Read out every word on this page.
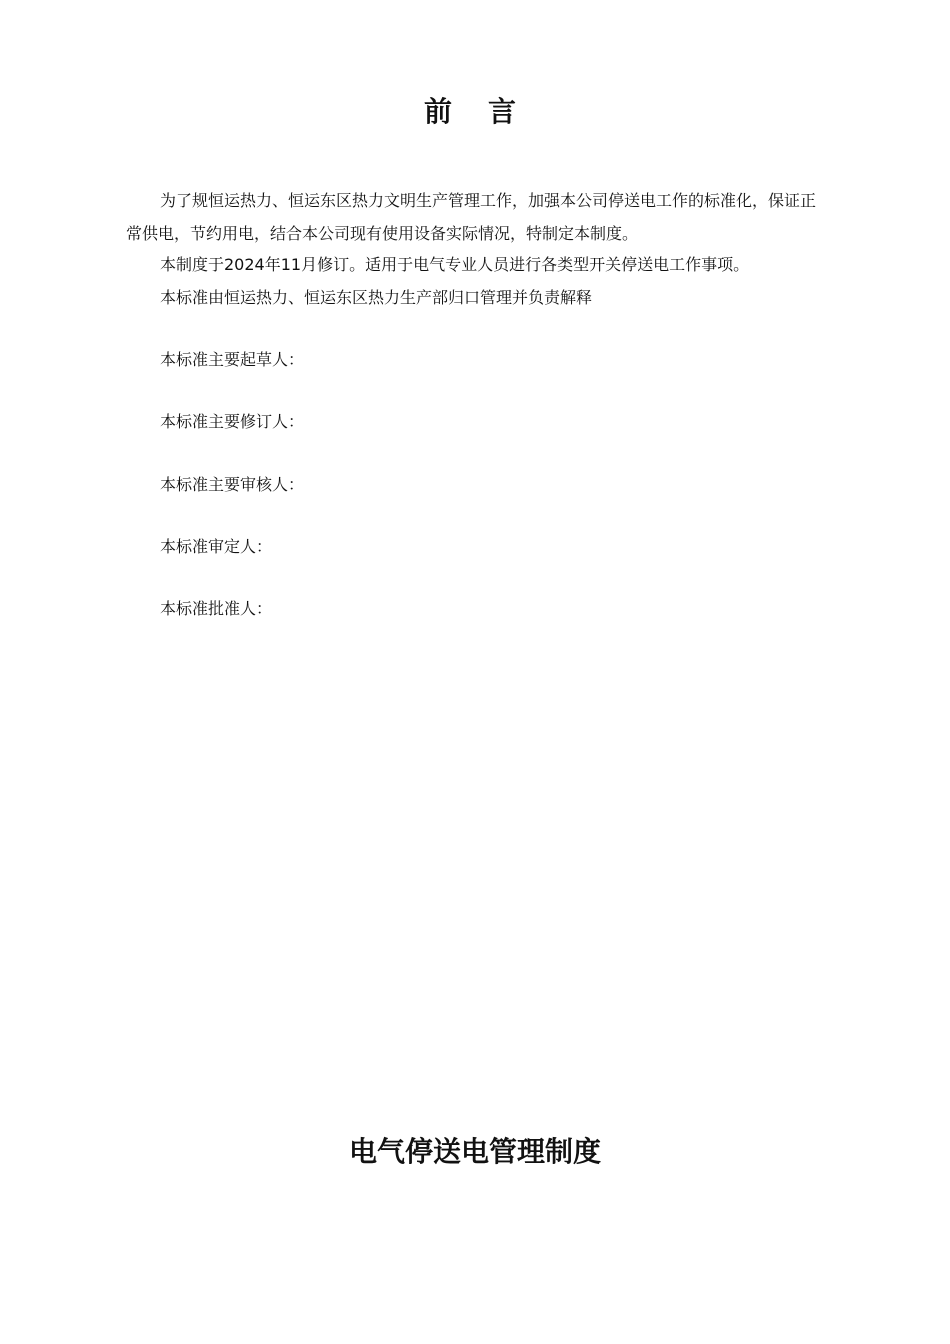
前言

为了规恒运热力、恒运东区热力文明生产管理工作，加强本公司停送电工作的标准化，保证正常供电，节约用电，结合本公司现有使用设备实际情况，特制定本制度。

本制度于2024年11月修订。适用于电气专业人员进行各类型开关停送电工作事项。

本标准由恒运热力、恒运东区热力生产部归口管理并负责解释

本标准主要起草人：

本标准主要修订人：

本标准主要审核人：

本标准审定人：

本标准批准人：

电气停送电管理制度
